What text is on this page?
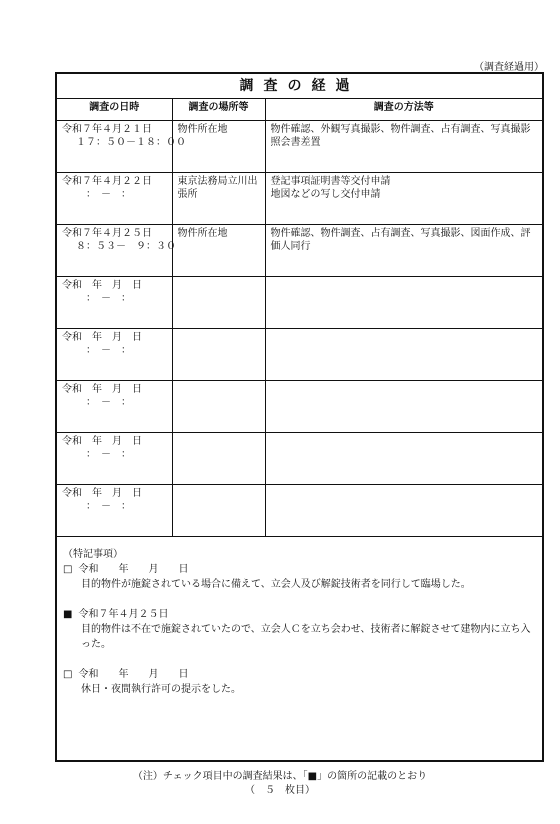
（調査経過用）
調査の経過
調査の日時	調査の場所等	調査の方法等

令和７年４月２１日
１７：５０－１８：００	物件所在地	物件確認、外観写真撮影、物件調査、占有調査、写真撮影照会書差置

令和７年４月２２日
　：　－　：	東京法務局立川出張所	登記事項証明書等交付申請
地図などの写し交付申請

令和７年４月２５日
８：５３－　９：３０	物件所在地	物件確認、物件調査、占有調査、写真撮影、図面作成、評価人同行

令和　年　月　日
　：　－　：		

令和　年　月　日
　：　－　：		

令和　年　月　日
　：　－　：		

令和　年　月　日
　：　－　：		

令和　年　月　日
　：　－　：		

（特記事項）
□ 令和　　年　　月　　日
目的物件が施錠されている場合に備えて、立会人及び解錠技術者を同行して臨場した。
■ 令和７年４月２５日
目的物件は不在で施錠されていたので、立会人Ｃを立ち会わせ、技術者に解錠させて建物内に立ち入った。
□ 令和　　年　　月　　日
休日・夜間執行許可の提示をした。
（注）チェック項目中の調査結果は、「■」の箇所の記載のとおり
（　５　枚目）
